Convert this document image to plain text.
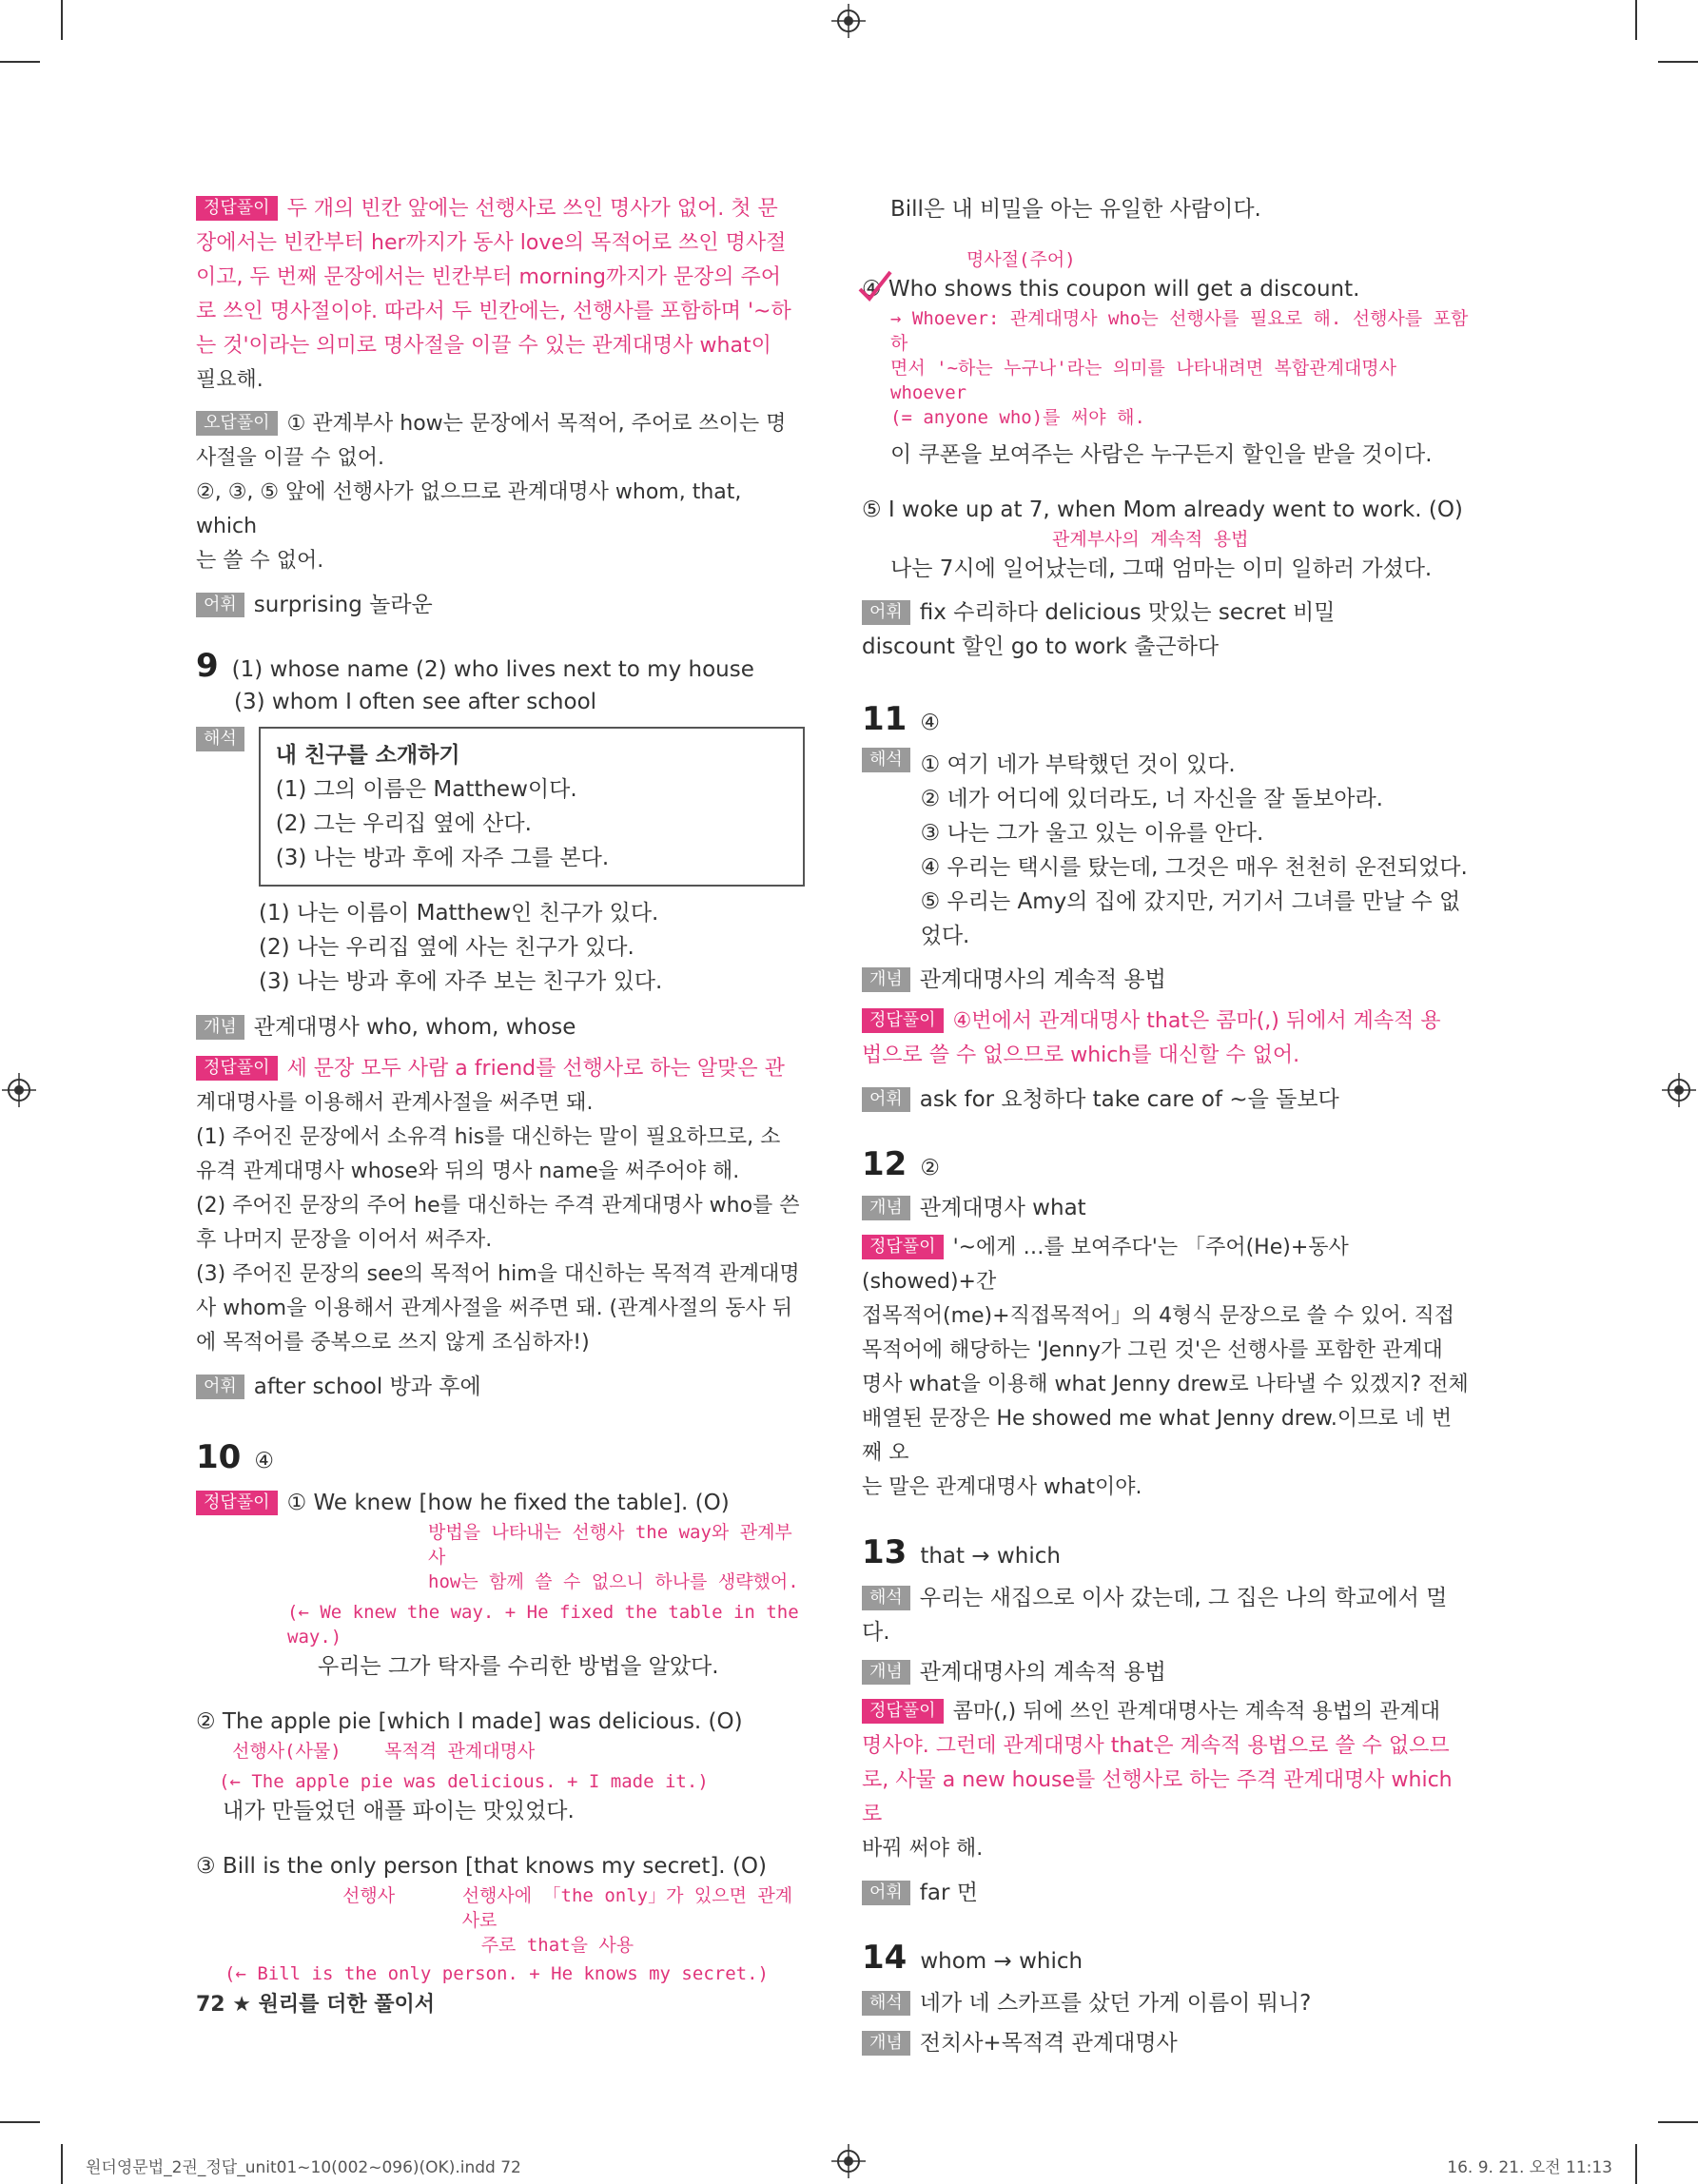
정답풀이 두 개의 빈칸 앞에는 선행사로 쓰인 명사가 없어. 첫 문
장에서는 빈칸부터 her까지가 동사 love의 목적어로 쓰인 명사절
이고, 두 번째 문장에서는 빈칸부터 morning까지가 문장의 주어
로 쓰인 명사절이야. 따라서 두 빈칸에는, 선행사를 포함하며 '~하
는 것'이라는 의미로 명사절을 이끌 수 있는 관계대명사 what이
필요해.
오답풀이 ① 관계부사 how는 문장에서 목적어, 주어로 쓰이는 명
사절을 이끌 수 없어.
②, ③, ⑤ 앞에 선행사가 없으므로 관계대명사 whom, that, which
는 쓸 수 없어.
어휘 surprising 놀라운
9 (1) whose name (2) who lives next to my house
(3) whom I often see after school
해석
내 친구를 소개하기
(1) 그의 이름은 Matthew이다.
(2) 그는 우리집 옆에 산다.
(3) 나는 방과 후에 자주 그를 본다.
(1) 나는 이름이 Matthew인 친구가 있다.
(2) 나는 우리집 옆에 사는 친구가 있다.
(3) 나는 방과 후에 자주 보는 친구가 있다.
개념 관계대명사 who, whom, whose
정답풀이 세 문장 모두 사람 a friend를 선행사로 하는 알맞은 관
계대명사를 이용해서 관계사절을 써주면 돼.
(1) 주어진 문장에서 소유격 his를 대신하는 말이 필요하므로, 소
유격 관계대명사 whose와 뒤의 명사 name을 써주어야 해.
(2) 주어진 문장의 주어 he를 대신하는 주격 관계대명사 who를 쓴
후 나머지 문장을 이어서 써주자.
(3) 주어진 문장의 see의 목적어 him을 대신하는 목적격 관계대명
사 whom을 이용해서 관계사절을 써주면 돼. (관계사절의 동사 뒤
에 목적어를 중복으로 쓰지 않게 조심하자!)
어휘 after school 방과 후에
10 ④
정답풀이 ① We knew [how he fixed the table]. (O)
방법을 나타내는 선행사 the way와 관계부사
how는 함께 쓸 수 없으니 하나를 생략했어.
(← We knew the way. + He fixed the table in the way.)
우리는 그가 탁자를 수리한 방법을 알았다.
② The apple pie [which I made] was delicious. (O)
선행사(사물)	목적격 관계대명사
(← The apple pie was delicious. + I made it.)
내가 만들었던 애플 파이는 맛있었다.
③ Bill is the only person [that knows my secret]. (O)
선행사	선행사에 「the only」가 있으면 관계사로
주로 that을 사용
(← Bill is the only person. + He knows my secret.)
72 ★ 원리를 더한 풀이서
Bill은 내 비밀을 아는 유일한 사람이다.
명사절(주어)
④ Who shows this coupon will get a discount.
→ Whoever: 관계대명사 who는 선행사를 필요로 해. 선행사를 포함하
면서 '~하는 누구나'라는 의미를 나타내려면 복합관계대명사 whoever
(= anyone who)를 써야 해.
이 쿠폰을 보여주는 사람은 누구든지 할인을 받을 것이다.
⑤ I woke up at 7, when Mom already went to work. (O)
관계부사의 계속적 용법
나는 7시에 일어났는데, 그때 엄마는 이미 일하러 가셨다.
어휘 fix 수리하다 delicious 맛있는 secret 비밀
discount 할인 go to work 출근하다
11 ④
해석 ① 여기 네가 부탁했던 것이 있다.
② 네가 어디에 있더라도, 너 자신을 잘 돌보아라.
③ 나는 그가 울고 있는 이유를 안다.
④ 우리는 택시를 탔는데, 그것은 매우 천천히 운전되었다.
⑤ 우리는 Amy의 집에 갔지만, 거기서 그녀를 만날 수 없었다.
개념 관계대명사의 계속적 용법
정답풀이 ④번에서 관계대명사 that은 콤마(,) 뒤에서 계속적 용
법으로 쓸 수 없으므로 which를 대신할 수 없어.
어휘 ask for 요청하다 take care of ~을 돌보다
12 ②
개념 관계대명사 what
정답풀이 '~에게 …를 보여주다'는 「주어(He)+동사(showed)+간
접목적어(me)+직접목적어」의 4형식 문장으로 쓸 수 있어. 직접
목적어에 해당하는 'Jenny가 그린 것'은 선행사를 포함한 관계대
명사 what을 이용해 what Jenny drew로 나타낼 수 있겠지? 전체
배열된 문장은 He showed me what Jenny drew.이므로 네 번째 오
는 말은 관계대명사 what이야.
13 that → which
해석 우리는 새집으로 이사 갔는데, 그 집은 나의 학교에서 멀다.
개념 관계대명사의 계속적 용법
정답풀이 콤마(,) 뒤에 쓰인 관계대명사는 계속적 용법의 관계대
명사야. 그런데 관계대명사 that은 계속적 용법으로 쓸 수 없으므
로, 사물 a new house를 선행사로 하는 주격 관계대명사 which로
바꿔 써야 해.
어휘 far 먼
14 whom → which
해석 네가 네 스카프를 샀던 가게 이름이 뭐니?
개념 전치사+목적격 관계대명사
원더영문법_2권_정답_unit01~10(002~096)(OK).indd 72	16. 9. 21. 오전 11:13
